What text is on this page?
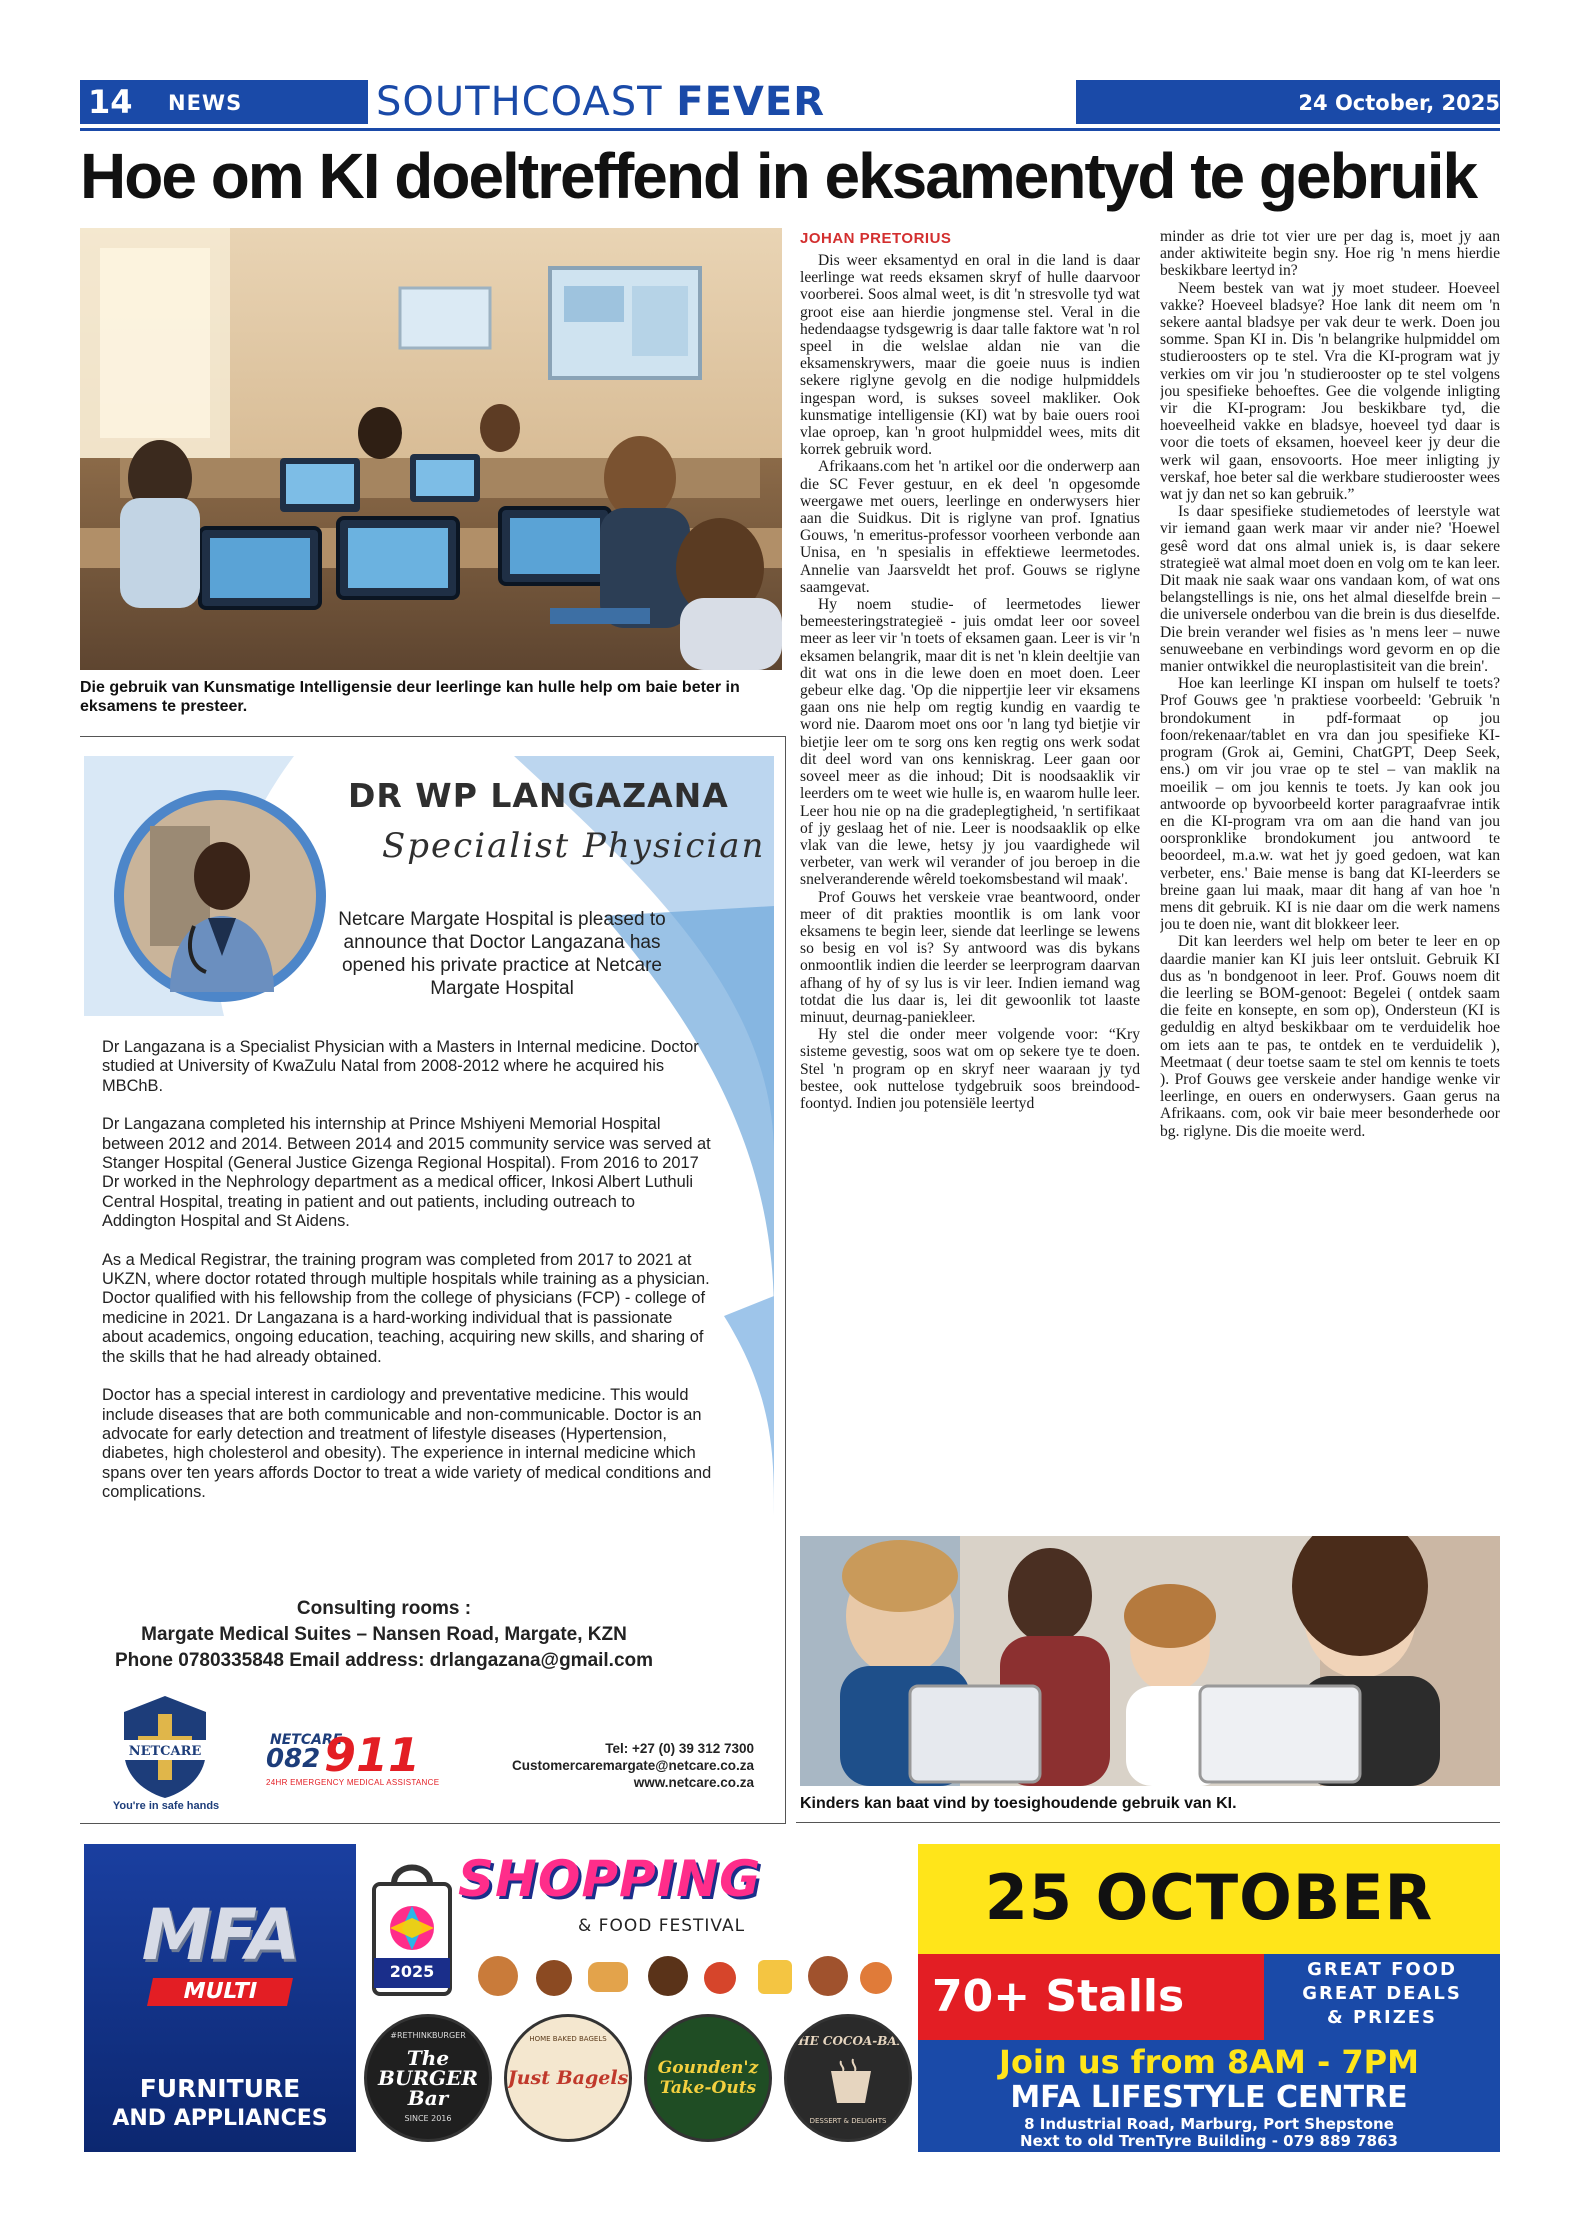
14 NEWS	SOUTHCOAST FEVER	24 October, 2025
Hoe om KI doeltreffend in eksamentyd te gebruik
Die gebruik van Kunsmatige Intelligensie deur leerlinge kan hulle help om baie beter in eksamens te presteer.
JOHAN PRETORIUS

Dis weer eksamentyd en oral in die land is daar leerlinge wat reeds eksamen skryf of hulle daarvoor voorberei. Soos almal weet, is dit 'n stresvolle tyd wat groot eise aan hierdie jongmense stel. Veral in die hedendaagse tydsgewrig is daar talle faktore wat 'n rol speel in die welslae aldan nie van die eksamenskrywers, maar die goeie nuus is indien sekere riglyne gevolg en die nodige hulpmiddels ingespan word, is sukses soveel makliker. Ook kunsmatige intelligensie (KI) wat by baie ouers rooi vlae oproep, kan 'n groot hulpmiddel wees, mits dit korrek gebruik word.

Afrikaans.com het 'n artikel oor die onderwerp aan die SC Fever gestuur, en ek deel 'n opgesomde weergawe met ouers, leerlinge en onderwysers hier aan die Suidkus. Dit is riglyne van prof. Ignatius Gouws, 'n emeritus-professor voorheen verbonde aan Unisa, en 'n spesialis in effektiewe leermetodes. Annelie van Jaarsveldt het prof. Gouws se riglyne saamgevat.

Hy noem studie- of leermetodes liewer bemeesteringstrategieë - juis omdat leer oor soveel meer as leer vir 'n toets of eksamen gaan. Leer is vir 'n eksamen belangrik, maar dit is net 'n klein deeltjie van dit wat ons in die lewe doen en moet doen. Leer gebeur elke dag. 'Op die nippertjie leer vir eksamens gaan ons nie help om regtig kundig en vaardig te word nie. Daarom moet ons oor 'n lang tyd bietjie vir bietjie leer om te sorg ons ken regtig ons werk sodat dit deel word van ons kenniskrag. Leer gaan oor soveel meer as die inhoud; Dit is noodsaaklik vir leerders om te weet wie hulle is, en waarom hulle leer. Leer hou nie op na die gradeplegtigheid, 'n sertifikaat of jy geslaag het of nie. Leer is noodsaaklik op elke vlak van die lewe, hetsy jy jou vaardighede wil verbeter, van werk wil verander of jou beroep in die snelveranderende wêreld toekomsbestand wil maak'.

Prof Gouws het verskeie vrae beantwoord, onder meer of dit prakties moontlik is om lank voor eksamens te begin leer, siende dat leerlinge se lewens so besig en vol is? Sy antwoord was dis bykans onmoontlik indien die leerder se leerprogram daarvan afhang of hy of sy lus is vir leer. Indien iemand wag totdat die lus daar is, lei dit gewoonlik tot laaste minuut, deurnag-paniekleer.

Hy stel die onder meer volgende voor: “Kry sisteme gevestig, soos wat om op sekere tye te doen. Stel 'n program op en skryf neer waaraan jy tyd bestee, ook nuttelose tydgebruik soos breindood-foontyd. Indien jou potensiële leertyd

minder as drie tot vier ure per dag is, moet jy aan ander aktiwiteite begin sny. Hoe rig 'n mens hierdie beskikbare leertyd in?

Neem bestek van wat jy moet studeer. Hoeveel vakke? Hoeveel bladsye? Hoe lank dit neem om 'n sekere aantal bladsye per vak deur te werk. Doen jou somme. Span KI in. Dis 'n belangrike hulpmiddel om studieroosters op te stel. Vra die KI-program wat jy verkies om vir jou 'n studierooster op te stel volgens jou spesifieke behoeftes. Gee die volgende inligting vir die KI-program: Jou beskikbare tyd, die hoeveelheid vakke en bladsye, hoeveel tyd daar is voor die toets of eksamen, hoeveel keer jy deur die werk wil gaan, ensovoorts. Hoe meer inligting jy verskaf, hoe beter sal die werkbare studierooster wees wat jy dan net so kan gebruik.”

Is daar spesifieke studiemetodes of leerstyle wat vir iemand gaan werk maar vir ander nie? 'Hoewel gesê word dat ons almal uniek is, is daar sekere strategieë wat almal moet doen en volg om te kan leer. Dit maak nie saak waar ons vandaan kom, of wat ons belangstellings is nie, ons het almal dieselfde brein – die universele onderbou van die brein is dus dieselfde. Die brein verander wel fisies as 'n mens leer – nuwe senuweebane en verbindings word gevorm en op die manier ontwikkel die neuroplastisiteit van die brein'.

Hoe kan leerlinge KI inspan om hulself te toets? Prof Gouws gee 'n praktiese voorbeeld: 'Gebruik 'n brondokument in pdf-formaat op jou foon/rekenaar/tablet en vra dan jou spesifieke KI-program (Grok ai, Gemini, ChatGPT, Deep Seek, ens.) om vir jou vrae op te stel – van maklik na moeilik – om jou kennis te toets. Jy kan ook jou antwoorde op byvoorbeeld korter paragraafvrae intik en die KI-program vra om aan die hand van jou oorspronklike brondokument jou antwoord te beoordeel, m.a.w. wat het jy goed gedoen, wat kan verbeter, ens.' Baie mense is bang dat KI-leerders se breine gaan lui maak, maar dit hang af van hoe 'n mens dit gebruik. KI is nie daar om die werk namens jou te doen nie, want dit blokkeer leer.

Dit kan leerders wel help om beter te leer en op daardie manier kan KI juis leer ontsluit. Gebruik KI dus as 'n bondgenoot in leer. Prof. Gouws noem dit die leerling se BOM-genoot: Begelei ( ontdek saam die feite en konsepte, en som op), Ondersteun (KI is geduldig en altyd beskikbaar om te verduidelik hoe om iets aan te pas, te ontdek en te verduidelik ), Meetmaat ( deur toetse saam te stel om kennis te toets ). Prof Gouws gee verskeie ander handige wenke vir leerlinge, en ouers en onderwysers. Gaan gerus na Afrikaans. com, ook vir baie meer besonderhede oor bg. riglyne. Dis die moeite werd.

DR WP LANGAZANA
Specialist Physician
Netcare Margate Hospital is pleased to announce that Doctor Langazana has opened his private practice at Netcare Margate Hospital

Dr Langazana is a Specialist Physician with a Masters in Internal medicine. Doctor studied at University of KwaZulu Natal from 2008-2012 where he acquired his MBChB.

Dr Langazana completed his internship at Prince Mshiyeni Memorial Hospital between 2012 and 2014. Between 2014 and 2015 community service was served at Stanger Hospital (General Justice Gizenga Regional Hospital). From 2016 to 2017 Dr worked in the Nephrology department as a medical officer, Inkosi Albert Luthuli Central Hospital, treating in patient and out patients, including outreach to Addington Hospital and St Aidens.

As a Medical Registrar, the training program was completed from 2017 to 2021 at UKZN, where doctor rotated through multiple hospitals while training as a physician. Doctor qualified with his fellowship from the college of physicians (FCP) - college of medicine in 2021. Dr Langazana is a hard-working individual that is passionate about academics, ongoing education, teaching, acquiring new skills, and sharing of the skills that he had already obtained.

Doctor has a special interest in cardiology and preventative medicine. This would include diseases that are both communicable and non-communicable. Doctor is an advocate for early detection and treatment of lifestyle diseases (Hypertension, diabetes, high cholesterol and obesity). The experience in internal medicine which spans over ten years affords Doctor to treat a wide variety of medical conditions and complications.

Consulting rooms :
Margate Medical Suites – Nansen Road, Margate, KZN
Phone 0780335848 Email address: drlangazana@gmail.com
NETCARE
You're in safe hands
NETCARE
082 911
24HR EMERGENCY MEDICAL ASSISTANCE
Tel: +27 (0) 39 312 7300
Customercaremargate@netcare.co.za
www.netcare.co.za
Kinders kan baat vind by toesighoudende gebruik van KI.
MFA
MULTI
FURNITURE
AND APPLIANCES
2025
SHOPPING
& FOOD FESTIVAL
#RETHINKBURGER
The BURGER Bar
SINCE 2016
HOME BAKED BAGELS
Just Bagels	Gounden'z Take-Outs
THE COCOA-BAR
DESSERT & DELIGHTS
25 OCTOBER
70+ Stalls
GREAT FOOD
GREAT DEALS
& PRIZES
Join us from 8AM - 7PM
MFA LIFESTYLE CENTRE
8 Industrial Road, Marburg, Port Shepstone
Next to old TrenTyre Building - 079 889 7863
